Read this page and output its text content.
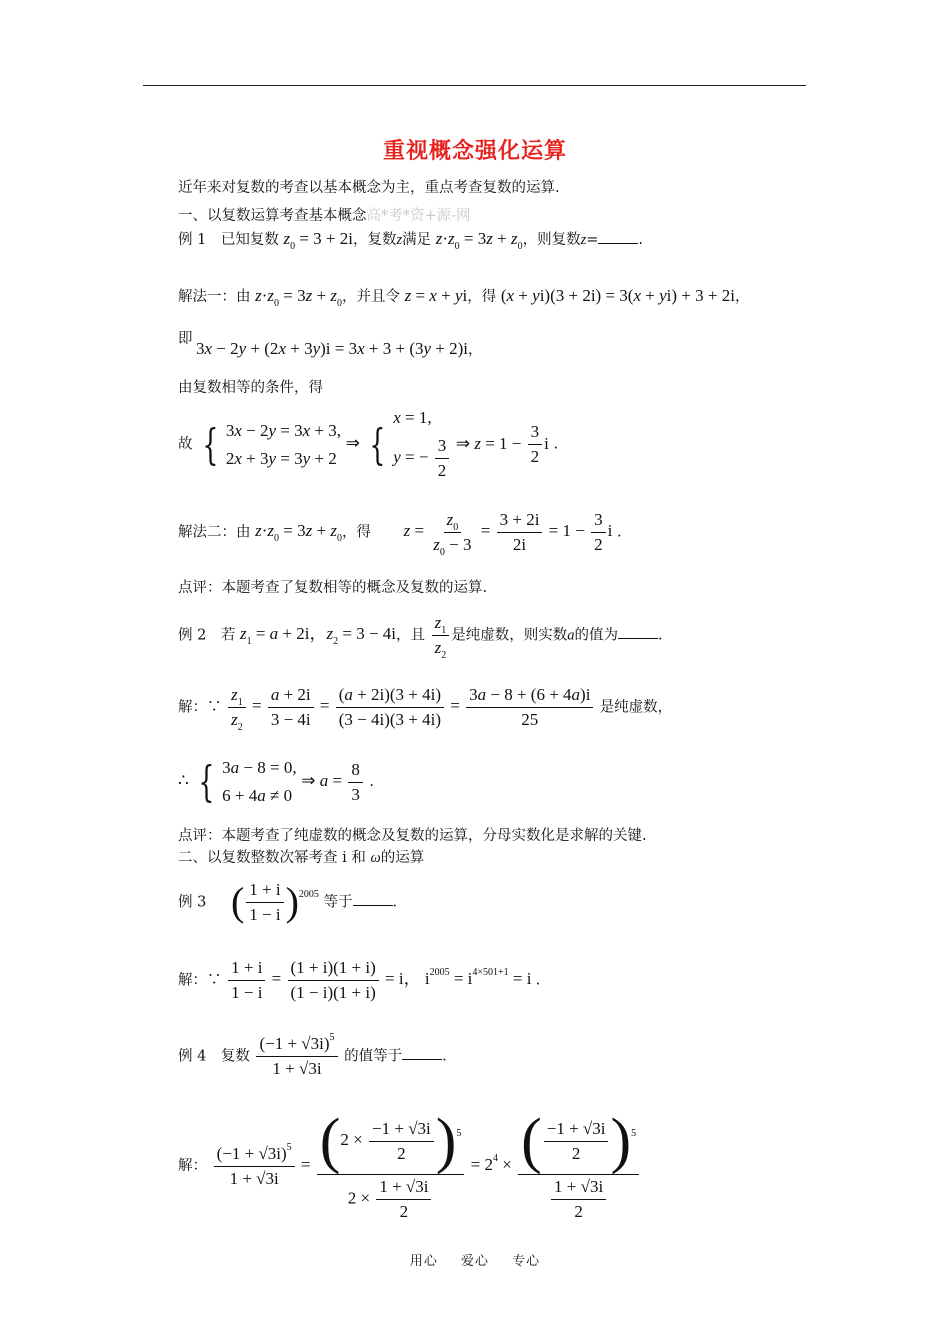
重视概念强化运算
近年来对复数的考查以基本概念为主，重点考查复数的运算.
一、以复数运算考查基本概念高*考*资+源-网
例 1　已知复数 $z_0 = 3 + 2i$，复数z满足 $z\cdot z_0 = 3z + z_0$，则复数z=	.
解法一：由 $z\cdot z_0 = 3z + z_0$，并且令 z = x + yi，得 (x + yi)(3 + 2i) = 3(x + yi) + 3 + 2i，
即 3x − 2y + (2x + 3y)i = 3x + 3 + (3y + 2)i，
由复数相等的条件，得
故 { 3x − 2y = 3x + 3,
2x + 3y = 3y + 2
⇒ {
x = 1,
y = − $\frac{3}{2}$ ⇒ $z = 1 - \frac{3}{2}$ i .
解法二：由 $z\cdot z_0 = 3z + z_0$，得 $z = \frac{z_0}{z_0 - 3} = \frac{3 + 2i}{2i} = 1 - \frac{3}{2}$ i .
点评：本题考查了复数相等的概念及复数的运算.
例 2　若 $z_1 = a + 2i$，$z_2 = 3 - 4i$，且 $\frac{z_1}{z_2}$ 是纯虚数，则实数a的值为	.
解：∵ $\frac{z_1}{z_2} = \frac{a + 2i}{3 - 4i} = \frac{(a + 2i)(3 + 4i)}{(3 - 4i)(3 + 4i)} = \frac{3a - 8 + (6 + 4a)i}{25}$ 是纯虚数，
∴ { 3a − 8 = 0,
6 + 4a ≠ 0
⇒ $a = \frac{8}{3}$ .
点评：本题考查了纯虚数的概念及复数的运算，分母实数化是求解的关键.
二、以复数整数次幂考查 i 和 ω的运算
例 3 ( $\frac{1 + i}{1 - i} )^{2005}$ 等于	.
解：∵ $\frac{1 + i}{1 - i} = \frac{(1 + i)(1 + i)}{(1 - i)(1 + i)} = i$， $i^{2005} = i^{4\times 501+1} = i$ .
例 4　复数 $\frac{(-1 + √3i)^5}{1 + √3i}$ 的值等于	.
解： $\frac{(-1 + √3i)^5}{1 + √3i} = \frac{(2 \times \frac{-1 + √3i}{2} )^5}{2 \times \frac{1 + √3i}{2}} = 2^4 \times \frac{( \frac{-1 + √3i}{2} )^5}{\frac{1 + √3i}{2}}$
用心 爱心 专心
